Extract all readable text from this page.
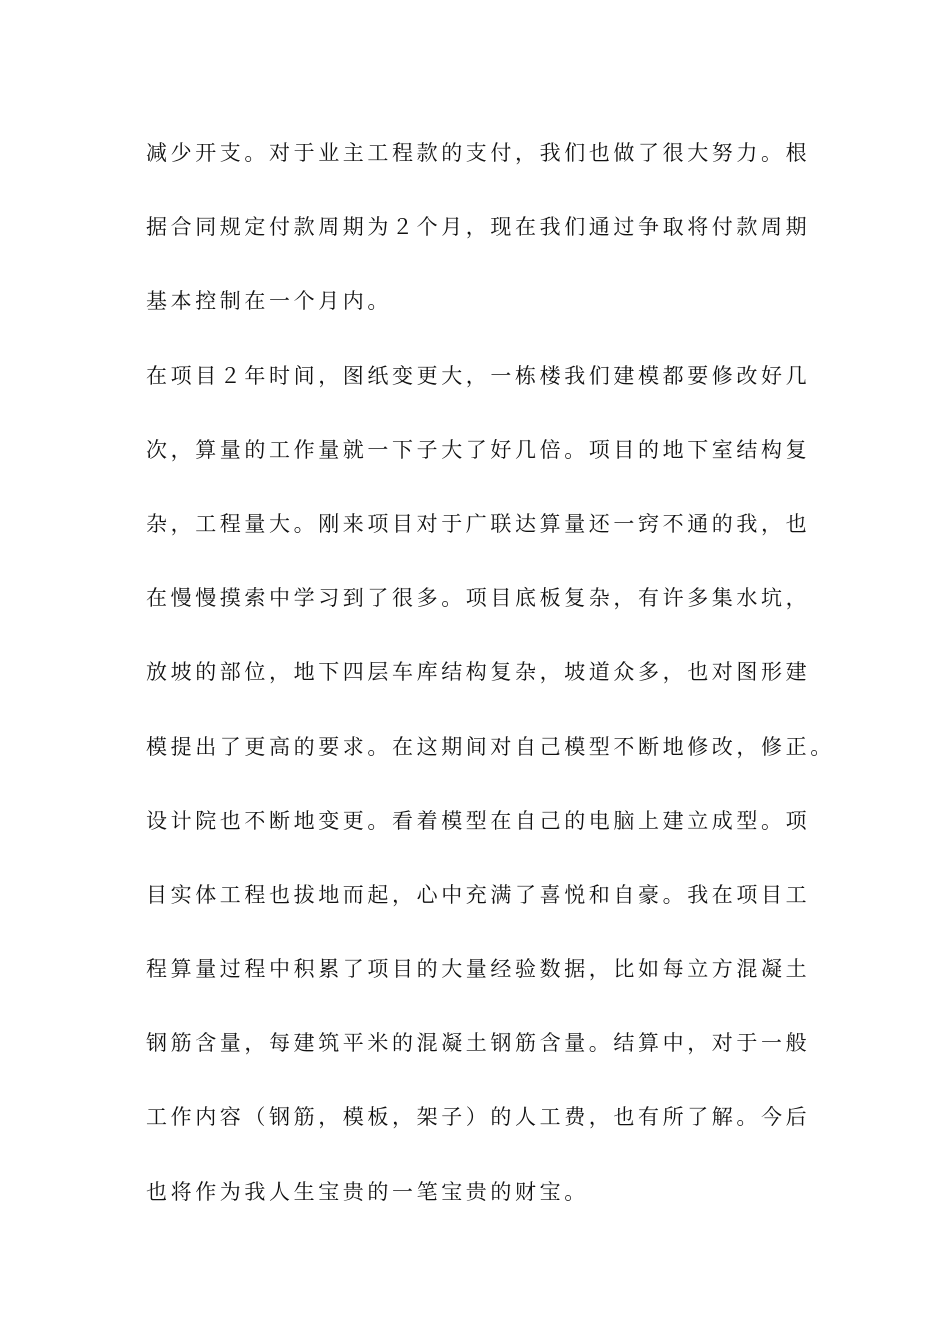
减少开支。对于业主工程款的支付，我们也做了很大努力。根
据合同规定付款周期为２个月，现在我们通过争取将付款周期
基本控制在一个月内。
在项目２年时间，图纸变更大，一栋楼我们建模都要修改好几
次，算量的工作量就一下子大了好几倍。项目的地下室结构复
杂，工程量大。刚来项目对于广联达算量还一窍不通的我，也
在慢慢摸索中学习到了很多。项目底板复杂，有许多集水坑，
放坡的部位，地下四层车库结构复杂，坡道众多，也对图形建
模提出了更高的要求。在这期间对自己模型不断地修改，修正。
设计院也不断地变更。看着模型在自己的电脑上建立成型。项
目实体工程也拔地而起，心中充满了喜悦和自豪。我在项目工
程算量过程中积累了项目的大量经验数据，比如每立方混凝土
钢筋含量，每建筑平米的混凝土钢筋含量。结算中，对于一般
工作内容（钢筋，模板，架子）的人工费，也有所了解。今后
也将作为我人生宝贵的一笔宝贵的财宝。
